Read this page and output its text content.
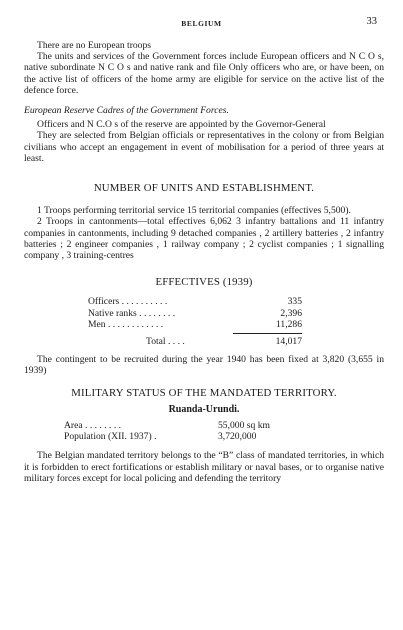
BELGIUM	33

There are no European troops

The units and services of the Government forces include European officers and N C O s, native subordinate N C O s and native rank and file Only officers who are, or have been, on the active list of officers of the home army are eligible for service on the active list of the defence force.

European Reserve Cadres of the Government Forces.

Officers and N C.O s of the reserve are appointed by the Governor-General

They are selected from Belgian officials or representatives in the colony or from Belgian civilians who accept an engagement in event of mobilisation for a period of three years at least.

NUMBER OF UNITS AND ESTABLISHMENT.

1 Troops performing territorial service 15 territorial companies (effectives 5,500).

2 Troops in cantonments—total effectives 6,062 3 infantry battalions and 11 infantry companies in cantonments, including 9 detached companies , 2 artillery batteries , 2 infantry batteries ; 2 engineer companies , 1 railway company ; 2 cyclist companies ; 1 signalling company , 3 training-centres

EFFECTIVES (1939)
Officers . . . . . . . . . .	335
Native ranks . . . . . . . .	2,396
Men . . . . . . . . . . . .	11,286
Total . . . .	14,017

The contingent to be recruited during the year 1940 has been fixed at 3,820 (3,655 in 1939)

MILITARY STATUS OF THE MANDATED TERRITORY.
Ruanda-Urundi.
Area . . . . . . . .	55,000 sq km
Population (XII. 1937) .	3,720,000

The Belgian mandated territory belongs to the “B” class of mandated territories, in which it is forbidden to erect fortifications or establish military or naval bases, or to organise native military forces except for local policing and defending the territory
